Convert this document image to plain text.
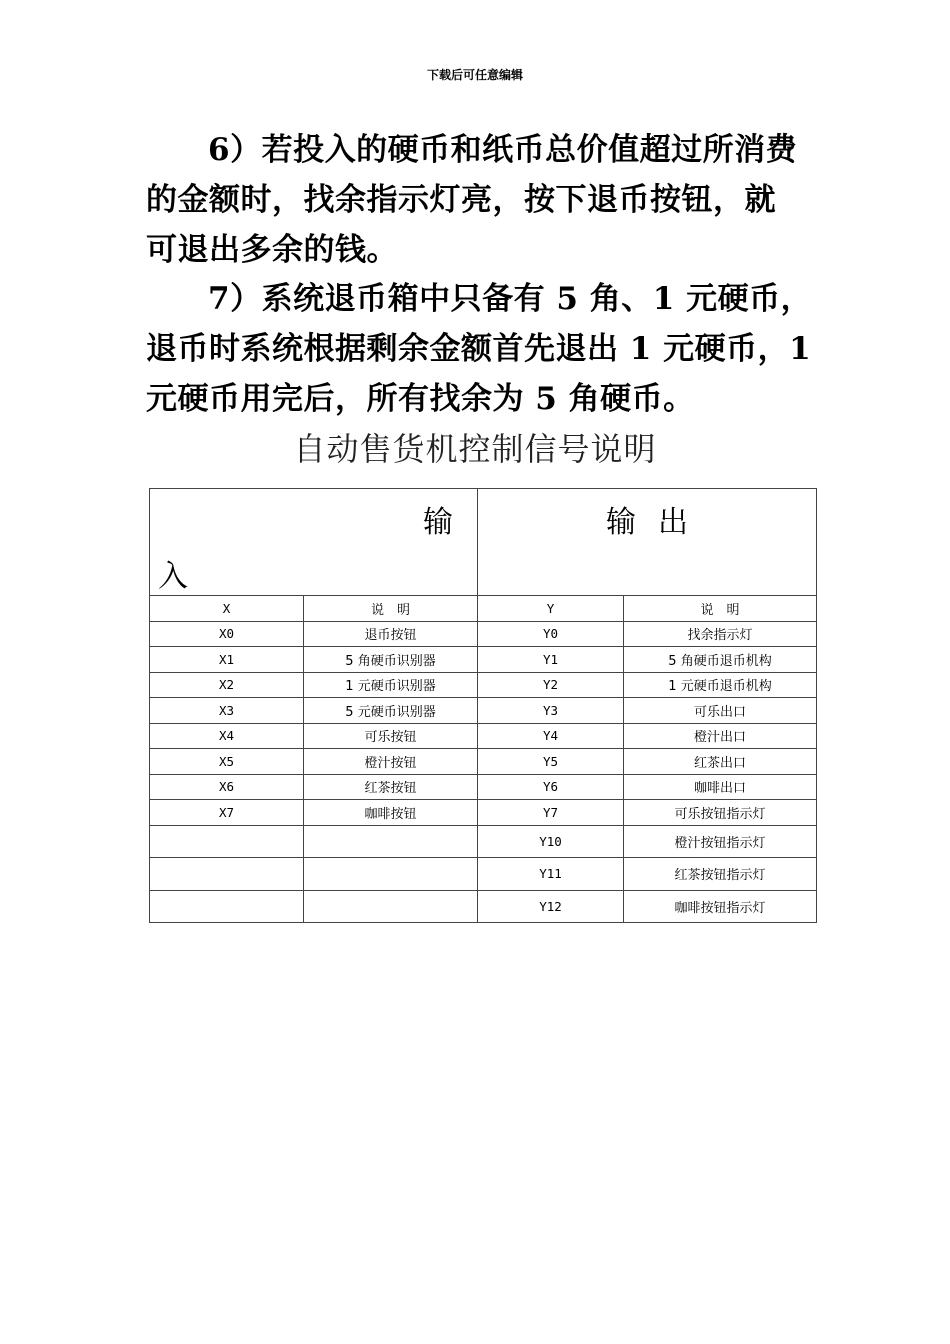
下载后可任意编辑
6）若投入的硬币和纸币总价值超过所消费
的金额时，找余指示灯亮，按下退币按钮，就
可退出多余的钱。
7）系统退币箱中只备有 5 角、1 元硬币，
退币时系统根据剩余金额首先退出 1 元硬币，1
元硬币用完后，所有找余为 5 角硬币。
自动售货机控制信号说明
输
入		输出	

X	说　明	Y	说　明
X0	退币按钮	Y0	找余指示灯
X1	5 角硬币识别器	Y1	5 角硬币退币机构
X2	1 元硬币识别器	Y2	1 元硬币退币机构
X3	5 元硬币识别器	Y3	可乐出口
X4	可乐按钮	Y4	橙汁出口
X5	橙汁按钮	Y5	红茶出口
X6	红茶按钮	Y6	咖啡出口
X7	咖啡按钮	Y7	可乐按钮指示灯
		Y10	橙汁按钮指示灯
		Y11	红茶按钮指示灯
		Y12	咖啡按钮指示灯
